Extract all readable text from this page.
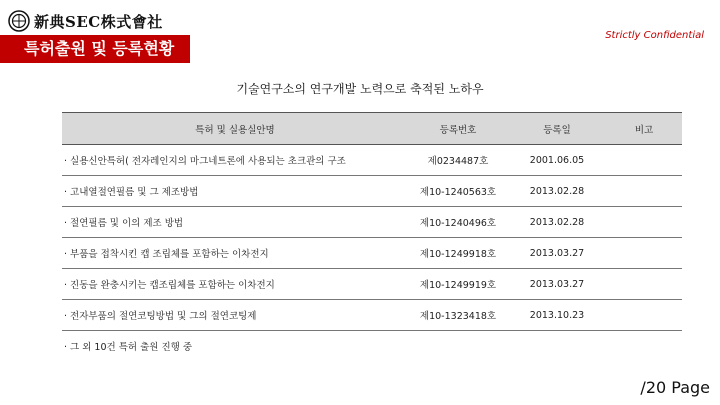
新典SEC株式會社
Strictly Confidential
특허출원 및 등록현황
기술연구소의 연구개발 노력으로 축적된 노하우
특허 및 실용실안명	등록번호	등록일	비고
· 실용신안특허( 전자레인지의 마그네트론에 사용되는 초크관의 구조	제0234487호	2001.06.05	
· 고내열절연필름 및 그 제조방법	제10-1240563호	2013.02.28	
· 절연필름 및 이의 제조 방법	제10-1240496호	2013.02.28	
· 부품을 접착시킨 캡 조립체를 포함하는 이차전지	제10-1249918호	2013.03.27	
· 진동을 완충시키는 캡조립체를 포함하는 이차전지	제10-1249919호	2013.03.27	
· 전자부품의 절연코팅방법 및 그의 절연코팅제	제10-1323418호	2013.10.23	
· 그 외 10건 특허 출원 진행 중			
/20 Page
